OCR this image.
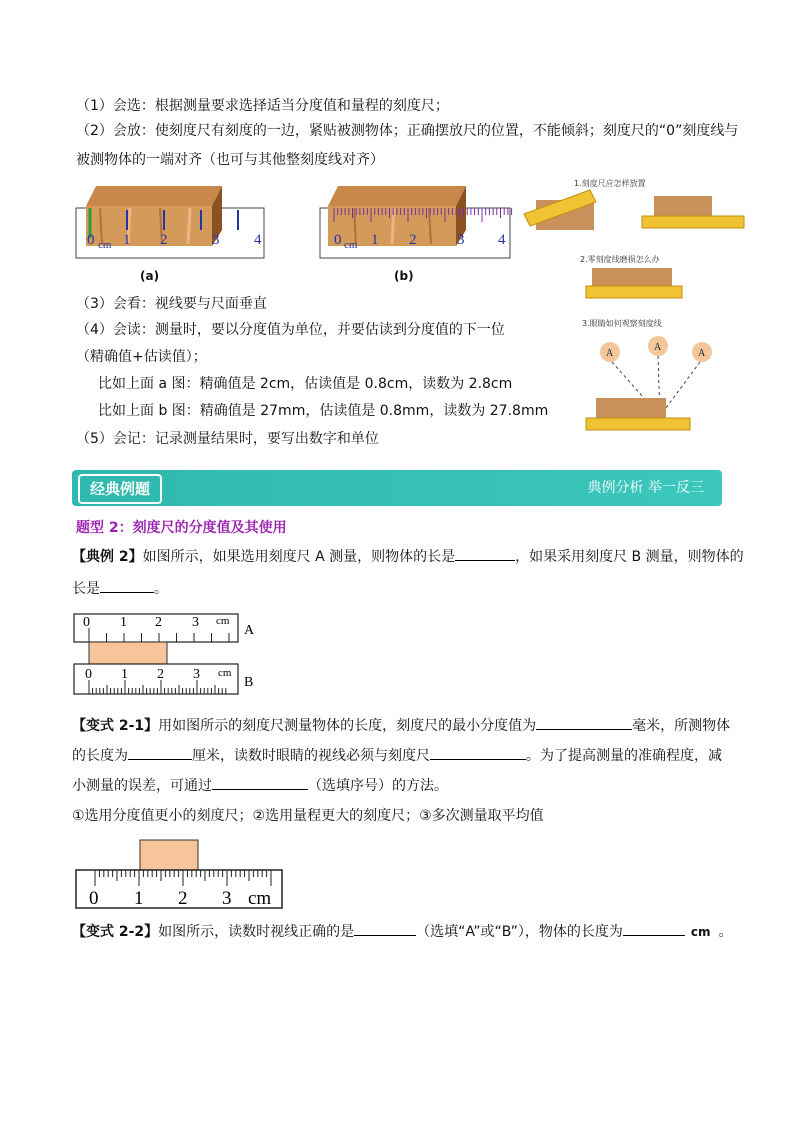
（1）会选：根据测量要求选择适当分度值和量程的刻度尺；
（2）会放：使刻度尺有刻度的一边，紧贴被测物体；正确摆放尺的位置，不能倾斜；刻度尺的“0”刻度线与
被测物体的一端对齐（也可与其他整刻度线对齐）
0 cm 1 2	3 4
(a)
0 cm 1 2	3 4
(b)
1.刻度尺应怎样放置
2.零刻度线磨损怎么办
3.眼睛如何观察刻度线
A
A
A
（3）会看：视线要与尺面垂直
（4）会读：测量时，要以分度值为单位，并要估读到分度值的下一位
（精确值+估读值）；
比如上面 a 图：精确值是 2cm，估读值是 0.8cm，读数为 2.8cm
比如上面 b 图：精确值是 27mm，估读值是 0.8mm，读数为 27.8mm
（5）会记：记录测量结果时，要写出数字和单位
经典例题	典例分析 举一反三
题型 2：刻度尺的分度值及其使用
【典例 2】如图所示，如果选用刻度尺 A 测量，则物体的长是	，如果采用刻度尺 B 测量，则物体的
长是	。
0 1 2 3 cm
A
0 1 2 3 cm
B
【变式 2-1】用如图所示的刻度尺测量物体的长度，刻度尺的最小分度值为	毫米，所测物体
的长度为	厘米，读数时眼睛的视线必须与刻度尺	。为了提高测量的准确程度，减
小测量的误差，可通过	（选填序号）的方法。
①选用分度值更小的刻度尺；②选用量程更大的刻度尺；③多次测量取平均值
0 1 2 3 cm
【变式 2-2】如图所示，读数时视线正确的是	（选填“A”或“B”），物体的长度为	cm 。
